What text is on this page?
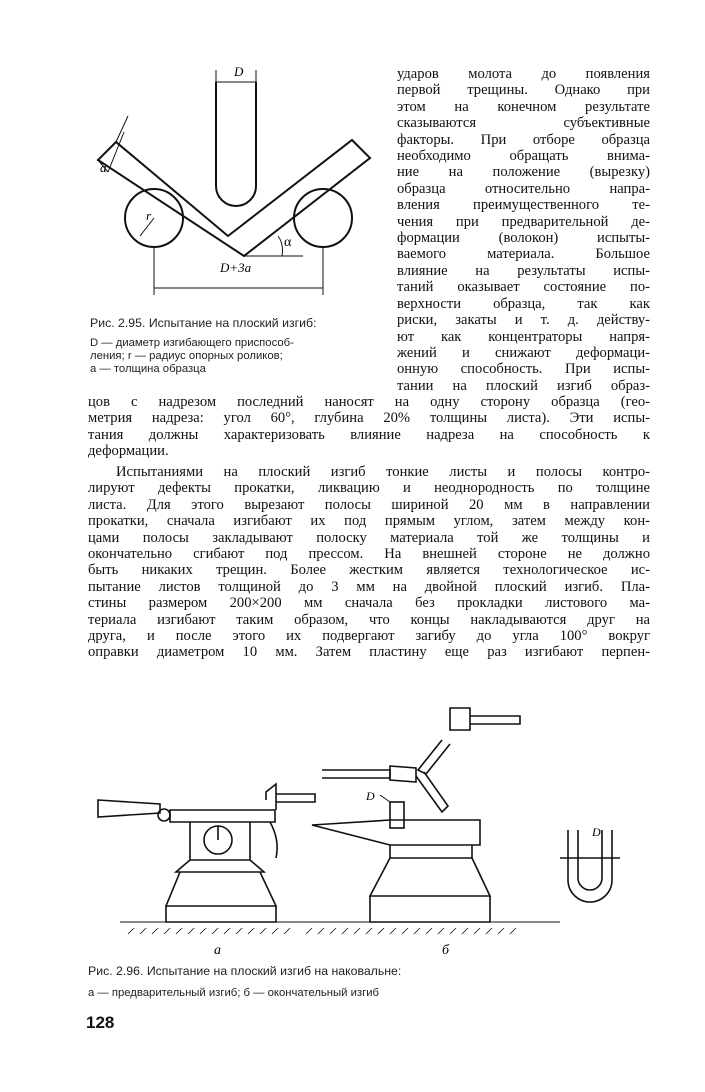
D
a
r
α
D+3a
Рис. 2.95. Испытание на плоский изгиб:
D — диаметр изгибающего приспособ-
ления; r — радиус опорных роликов;
a — толщина образца
ударов молота до появления
первой трещины. Однако при
этом на конечном результате
сказываются субъективные
факторы. При отборе образца
необходимо обращать внима-
ние на положение (вырезку)
образца относительно напра-
вления преимущественного те-
чения при предварительной де-
формации (волокон) испыты-
ваемого материала. Большое
влияние на результаты испы-
таний оказывает состояние по-
верхности образца, так как
риски, закаты и т. д. действу-
ют как концентраторы напря-
жений и снижают деформаци-
онную способность. При испы-
тании на плоский изгиб образ-
цов с надрезом последний наносят на одну сторону образца (гео-
метрия надреза: угол 60°, глубина 20% толщины листа). Эти испы-
тания должны характеризовать влияние надреза на способность к
деформации.
Испытаниями на плоский изгиб тонкие листы и полосы контро-
лируют дефекты прокатки, ликвацию и неоднородность по толщине
листа. Для этого вырезают полосы шириной 20 мм в направлении
прокатки, сначала изгибают их под прямым углом, затем между кон-
цами полосы закладывают полоску материала той же толщины и
окончательно сгибают под прессом. На внешней стороне не должно
быть никаких трещин. Более жестким является технологическое ис-
пытание листов толщиной до 3 мм на двойной плоский изгиб. Пла-
стины размером 200×200 мм сначала без прокладки листового ма-
териала изгибают таким образом, что концы накладываются друг на
друга, и после этого их подвергают загибу до угла 100° вокруг
оправки диаметром 10 мм. Затем пластину еще раз изгибают перпен-
а	б
D
D
Рис. 2.96. Испытание на плоский изгиб на наковальне:
а — предварительный изгиб; б — окончательный изгиб
128
